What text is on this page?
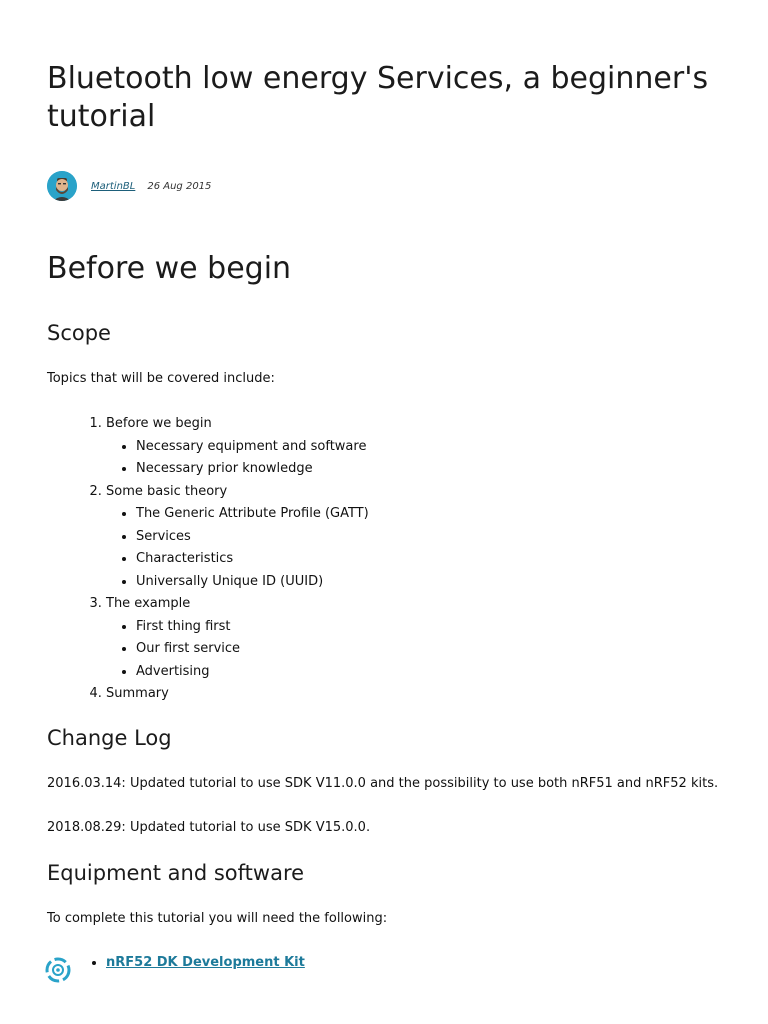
Bluetooth low energy Services, a beginner's tutorial
MartinBL 26 Aug 2015
Before we begin
Scope

Topics that will be covered include:

1. Before we begin
• Necessary equipment and software
• Necessary prior knowledge
2. Some basic theory
• The Generic Attribute Profile (GATT)
• Services
• Characteristics
• Universally Unique ID (UUID)
3. The example
• First thing first
• Our first service
• Advertising
4. Summary
Change Log

2016.03.14: Updated tutorial to use SDK V11.0.0 and the possibility to use both nRF51 and nRF52 kits.

2018.08.29: Updated tutorial to use SDK V15.0.0.

Equipment and software

To complete this tutorial you will need the following:

• nRF52 DK Development Kit
